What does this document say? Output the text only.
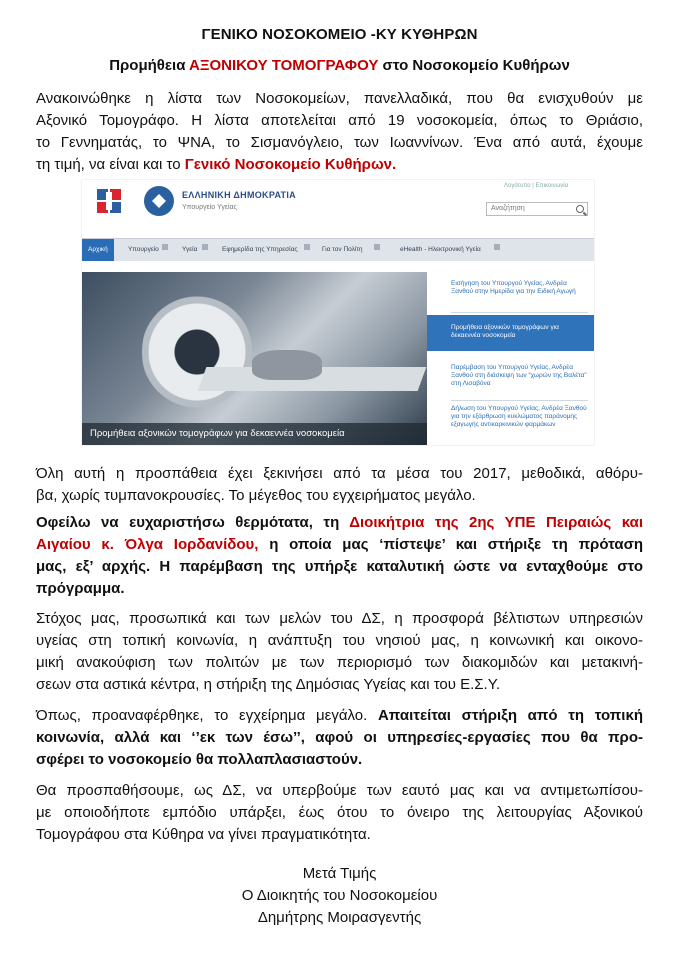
ΓΕΝΙΚΟ ΝΟΣΟΚΟΜΕΙΟ -ΚΥ ΚΥΘΗΡΩΝ
Προμήθεια ΑΞΟΝΙΚΟΥ ΤΟΜΟΓΡΑΦΟΥ στο Νοσοκομείο Κυθήρων
Ανακοινώθηκε η λίστα των Νοσοκομείων, πανελλαδικά, που θα ενισχυθούν με
Αξονικό Τομογράφο. Η λίστα αποτελείται από 19 νοσοκομεία, όπως το Θριάσιο,
το Γεννηματάς, το ΨΝΑ, το Σισμανόγλειο, των Ιωαννίνων. Ένα από αυτά, έχουμε
τη τιμή, να είναι και το Γενικό Νοσοκομείο Κυθήρων.
ΕΛΛΗΝΙΚΗ ΔΗΜΟΚΡΑΤΙΑ
Υπουργείο Υγείας
Λογότυπο | Επικοινωνία
Αναζήτηση
Αρχική	Υπουργείο	Υγεία	Εφημερίδα της Υπηρεσίας	Για τον Πολίτη	eHealth - Ηλεκτρονική Υγεία
Προμήθεια αξονικών τομογράφων για δεκαεννέα νοσοκομεία
Εισήγηση του Υπουργού Υγείας, Ανδρέα Ξανθού στην Ημερίδα για την Ειδική Αγωγή
Προμήθεια αξονικών τομογράφων για δεκαεννέα νοσοκομεία
Παρέμβαση του Υπουργού Υγείας, Ανδρέα Ξανθού στη διάσκεψη των “χωρών της Βαλέτα” στη Λισαβόνα
Δήλωση του Υπουργού Υγείας, Ανδρέα Ξανθού για την εξάρθρωση κυκλώματος παράνομης εξαγωγής αντικαρκινικών φαρμάκων
Όλη αυτή η προσπάθεια έχει ξεκινήσει από τα μέσα του 2017, μεθοδικά, αθόρυ-
βα, χωρίς τυμπανοκρουσίες. Το μέγεθος του εγχειρήματος μεγάλο.
Οφείλω να ευχαριστήσω θερμότατα, τη Διοικήτρια της 2ης ΥΠΕ Πειραιώς και
Αιγαίου κ. Όλγα Ιορδανίδου, η οποία μας ‘πίστεψε’ και στήριξε τη πρόταση
μας, εξ’ αρχής. Η παρέμβαση της υπήρξε καταλυτική ώστε να ενταχθούμε στο
πρόγραμμα.
Στόχος μας, προσωπικά και των μελών του ΔΣ, η προσφορά βέλτιστων υπηρεσιών
υγείας στη τοπική κοινωνία, η ανάπτυξη του νησιού μας, η κοινωνική και οικονο-
μική ανακούφιση των πολιτών με των περιορισμό των διακομιδών και μετακινή-
σεων στα αστικά κέντρα, η στήριξη της Δημόσιας Υγείας και του Ε.Σ.Υ.
Όπως, προαναφέρθηκε, το εγχείρημα μεγάλο. Απαιτείται στήριξη από τη τοπική
κοινωνία, αλλά και ‘’εκ των έσω’’, αφού οι υπηρεσίες-εργασίες που θα προ-
σφέρει το νοσοκομείο θα πολλαπλασιαστούν.
Θα προσπαθήσουμε, ως ΔΣ, να υπερβούμε των εαυτό μας και να αντιμετωπίσου-
με οποιοδήποτε εμπόδιο υπάρξει, έως ότου το όνειρο της λειτουργίας Αξονικού
Τομογράφου στα Κύθηρα να γίνει πραγματικότητα.
Μετά Τιμής
Ο Διοικητής του Νοσοκομείου
Δημήτρης Μοιρασγεντής
